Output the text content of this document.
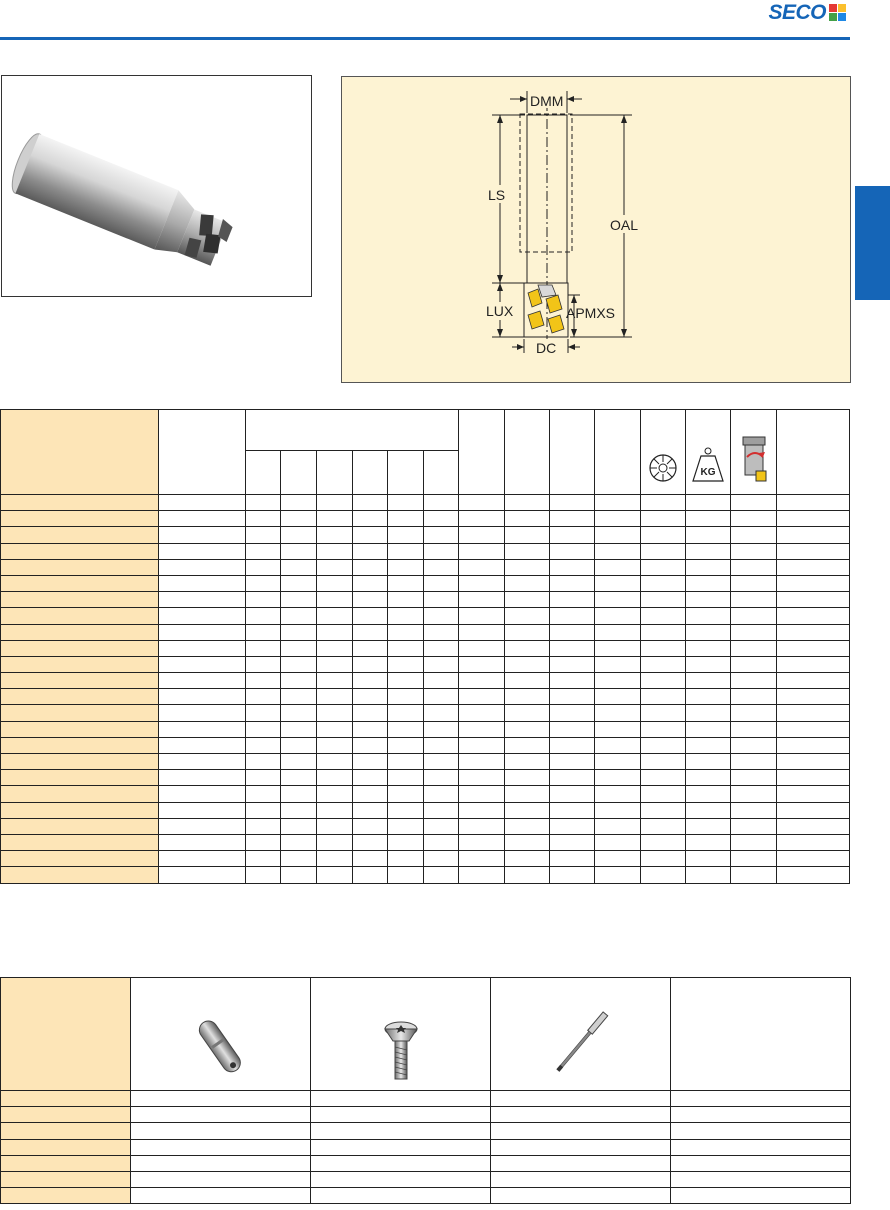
SECO
DMM
LS
OAL
LUX	APMXS
DC

KG
